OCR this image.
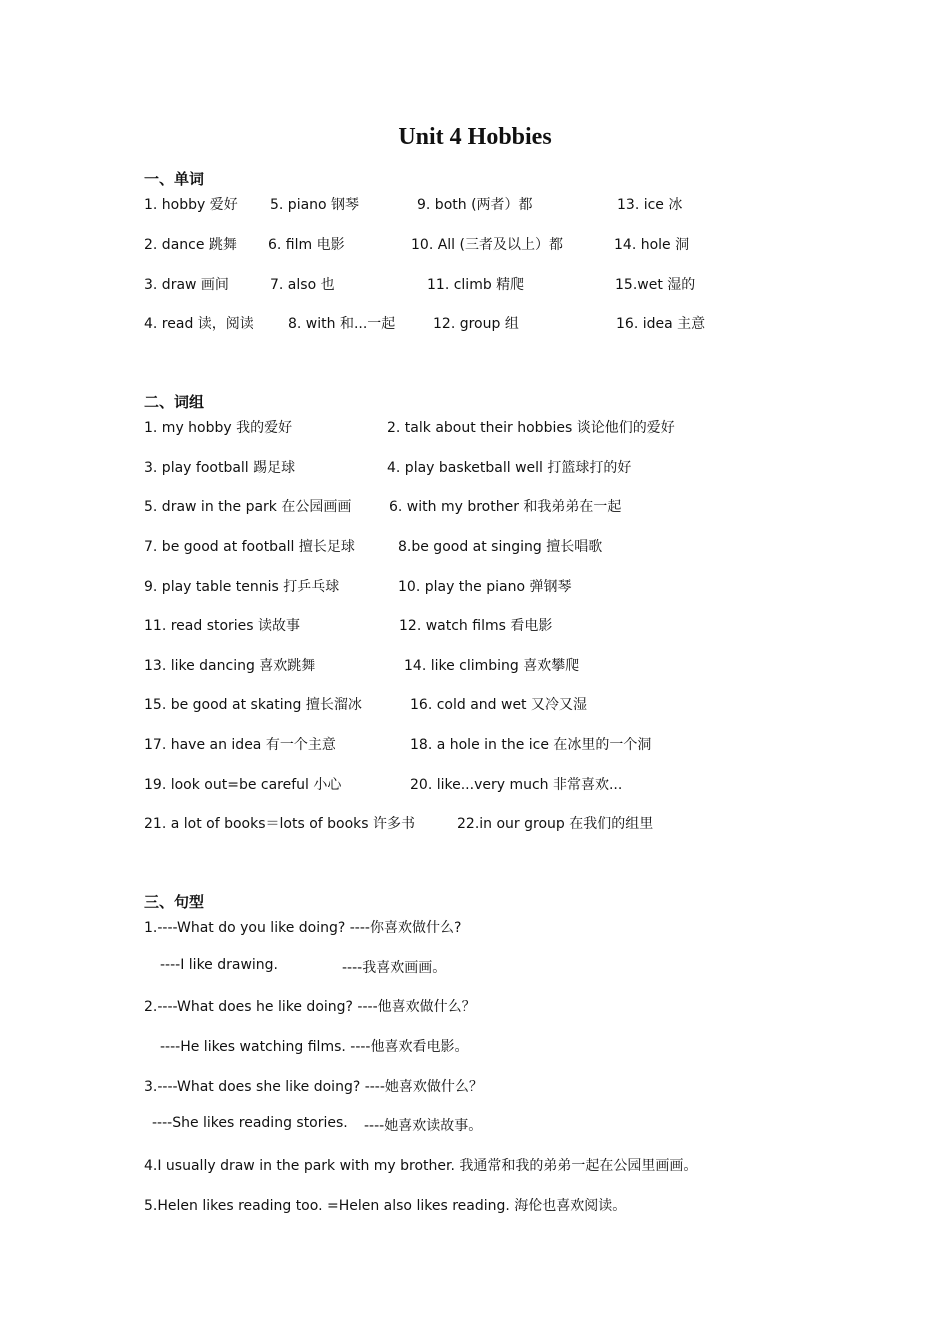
Unit 4 Hobbies
一、单词
1. hobby 爱好 5. piano 钢琴	9. both (两者）都	13. ice 冰
2. dance 跳舞 6. film 电影	10. All (三者及以上）都	14. hole 洞
3. draw 画间	7. also 也	11. climb 精爬	15.wet 湿的
4. read 读，阅读 8. with 和...一起	12. group 组	16. idea 主意
二、词组
1. my hobby 我的爱好	2. talk about their hobbies 谈论他们的爱好
3. play football 踢足球	4. play basketball well 打篮球打的好
5. draw in the park 在公园画画	6. with my brother 和我弟弟在一起
7. be good at football 擅长足球	8.be good at singing 擅长唱歌
9. play table tennis 打乒乓球	10. play the piano 弹钢琴
11. read stories 读故事	12. watch films 看电影
13. like dancing 喜欢跳舞	14. like climbing 喜欢攀爬
15. be good at skating 擅长溜冰	16. cold and wet 又冷又湿
17. have an idea 有一个主意	18. a hole in the ice 在冰里的一个洞
19. look out=be careful 小心	20. like...very much 非常喜欢...
21. a lot of books＝lots of books 许多书	22.in our group 在我们的组里
三、句型
1.----What do you like doing? ----你喜欢做什么?
----I like drawing.	----我喜欢画画。
2.----What does he like doing? ----他喜欢做什么？
----He likes watching films. ----他喜欢看电影。
3.----What does she like doing? ----她喜欢做什么？
----She likes reading stories. ----她喜欢读故事。
4.I usually draw in the park with my brother. 我通常和我的弟弟一起在公园里画画。
5.Helen likes reading too. =Helen also likes reading. 海伦也喜欢阅读。
